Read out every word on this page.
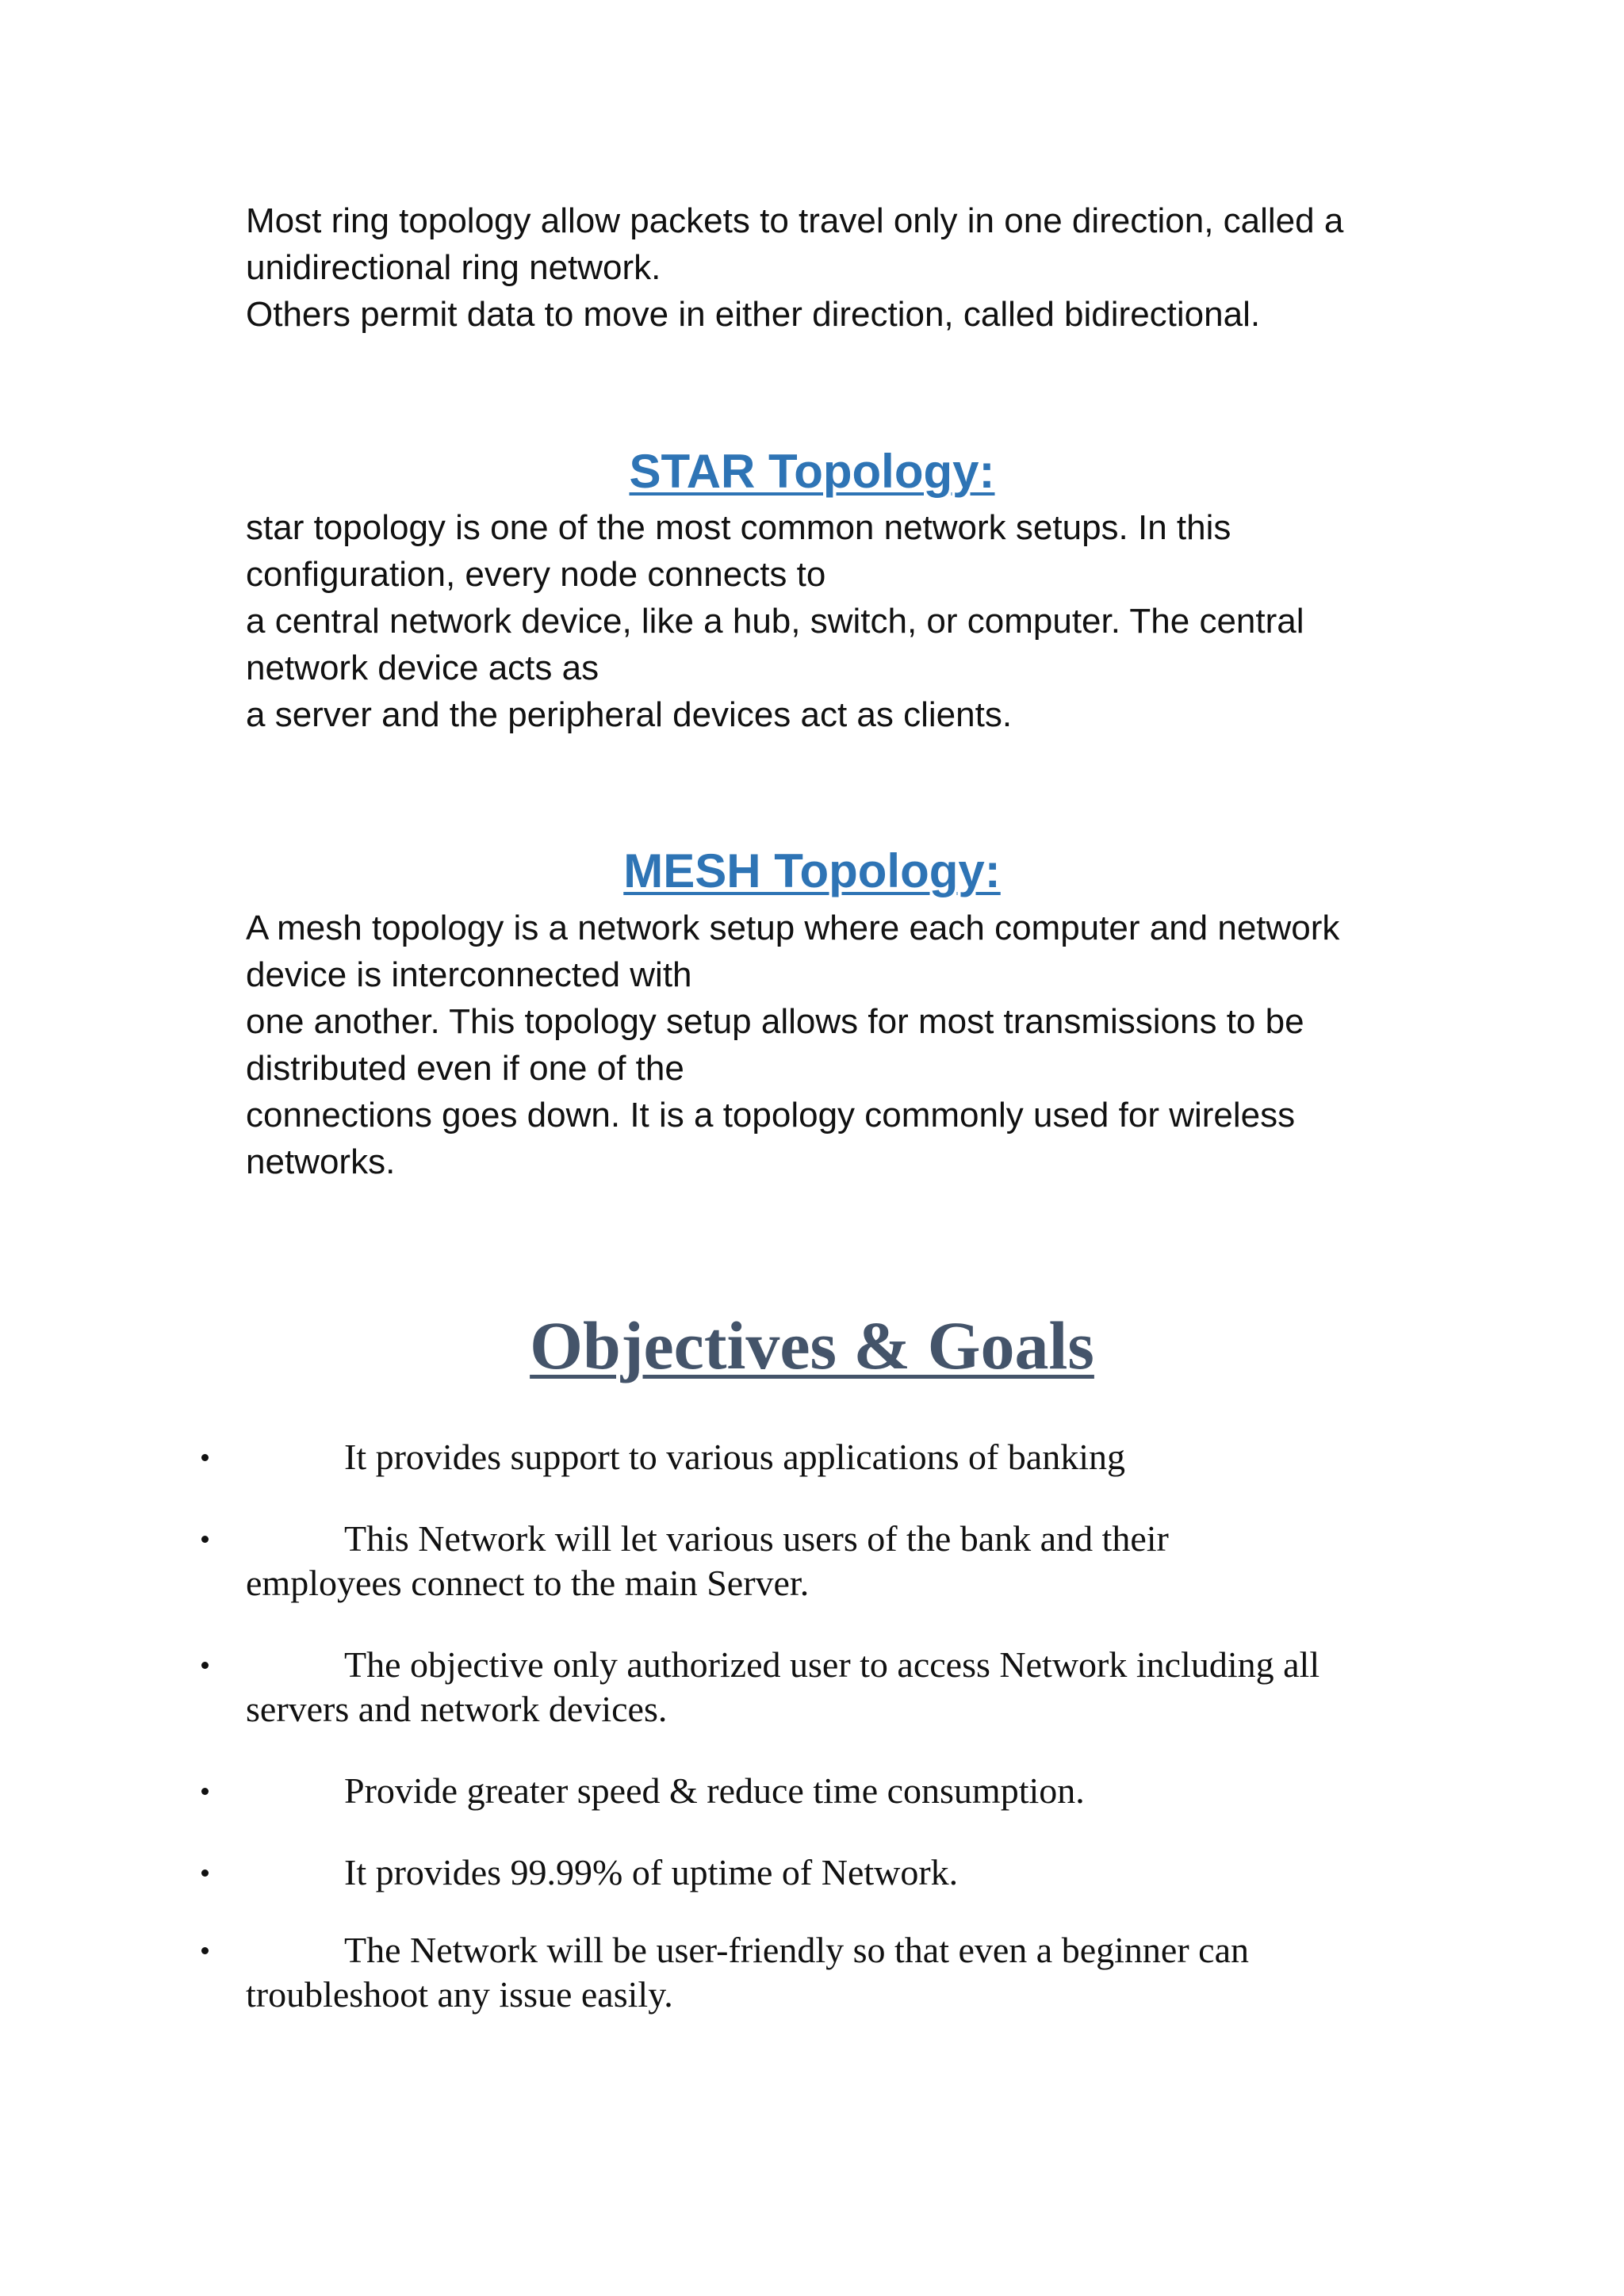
Most ring topology allow packets to travel only in one direction, called a
unidirectional ring network.
Others permit data to move in either direction, called bidirectional.
STAR Topology:
star topology is one of the most common network setups. In this
configuration, every node connects to
a central network device, like a hub, switch, or computer. The central
network device acts as
a server and the peripheral devices act as clients.
MESH Topology:
A mesh topology is a network setup where each computer and network
device is interconnected with
one another. This topology setup allows for most transmissions to be
distributed even if one of the
connections goes down. It is a topology commonly used for wireless
networks.
Objectives & Goals
It provides support to various applications of banking
This Network will let various users of the bank and their
employees connect to the main Server.
The objective only authorized user to access Network including all
servers and network devices.
Provide greater speed & reduce time consumption.
It provides 99.99% of uptime of Network.
The Network will be user-friendly so that even a beginner can
troubleshoot any issue easily.
